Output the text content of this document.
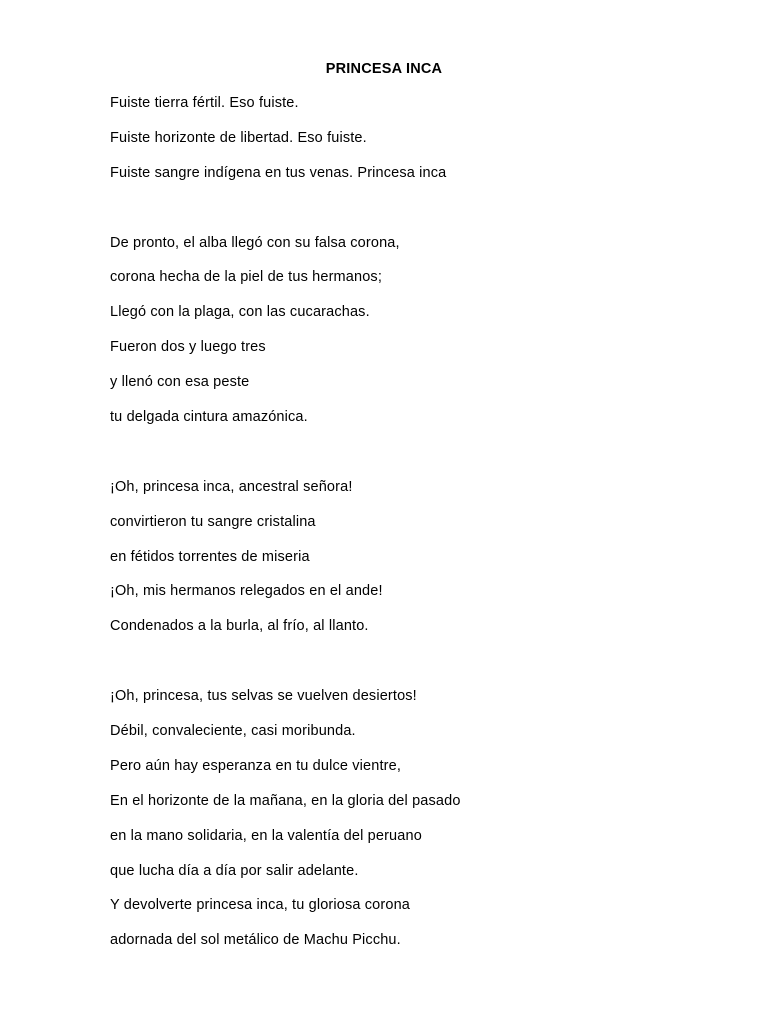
PRINCESA INCA
Fuiste tierra fértil. Eso fuiste.
Fuiste horizonte de libertad. Eso fuiste.
Fuiste sangre indígena en tus venas. Princesa inca
De pronto, el alba llegó con su falsa corona,
corona hecha de la piel de tus hermanos;
Llegó con la plaga, con las cucarachas.
Fueron dos y luego tres
y llenó con esa peste
tu delgada cintura amazónica.
¡Oh, princesa inca, ancestral señora!
convirtieron tu sangre cristalina
en fétidos torrentes de miseria
¡Oh, mis hermanos relegados en el ande!
Condenados a la burla, al frío, al llanto.
¡Oh, princesa, tus selvas se vuelven desiertos!
Débil, convaleciente, casi moribunda.
Pero aún hay esperanza en tu dulce vientre,
En el horizonte de la mañana, en la gloria del pasado
en la mano solidaria, en la valentía del peruano
que lucha día a día por salir adelante.
Y devolverte princesa inca, tu gloriosa corona
adornada del sol metálico de Machu Picchu.
